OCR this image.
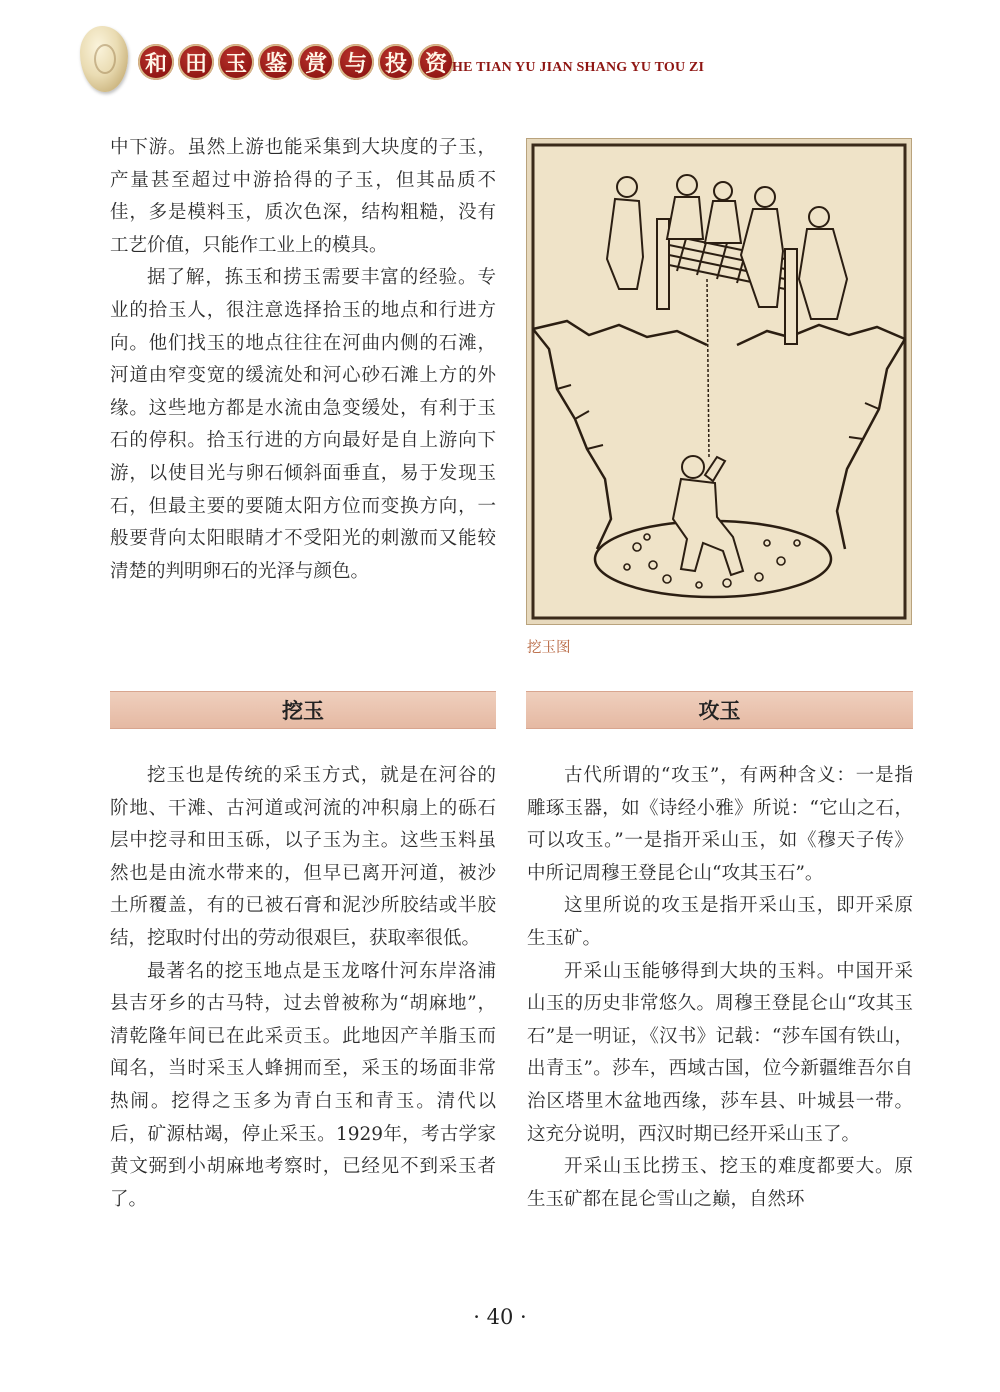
和 田 玉 鉴 赏 与 投 资 HE TIAN YU JIAN SHANG YU TOU ZI

中下游。虽然上游也能采集到大块度的子玉，产量甚至超过中游拾得的子玉，但其品质不佳，多是模料玉，质次色深，结构粗糙，没有工艺价值，只能作工业上的模具。

据了解，拣玉和捞玉需要丰富的经验。专业的拾玉人，很注意选择拾玉的地点和行进方向。他们找玉的地点往往在河曲内侧的石滩，河道由窄变宽的缓流处和河心砂石滩上方的外缘。这些地方都是水流由急变缓处，有利于玉石的停积。拾玉行进的方向最好是自上游向下游，以使目光与卵石倾斜面垂直，易于发现玉石，但最主要的要随太阳方位而变换方向，一般要背向太阳眼睛才不受阳光的刺激而又能较清楚的判明卵石的光泽与颜色。

挖玉图
挖玉	攻玉

挖玉也是传统的采玉方式，就是在河谷的阶地、干滩、古河道或河流的冲积扇上的砾石层中挖寻和田玉砾，以子玉为主。这些玉料虽然也是由流水带来的，但早已离开河道，被沙土所覆盖，有的已被石膏和泥沙所胶结或半胶结，挖取时付出的劳动很艰巨，获取率很低。

最著名的挖玉地点是玉龙喀什河东岸洛浦县吉牙乡的古马特，过去曾被称为“胡麻地”，清乾隆年间已在此采贡玉。此地因产羊脂玉而闻名，当时采玉人蜂拥而至，采玉的场面非常热闹。挖得之玉多为青白玉和青玉。清代以后，矿源枯竭，停止采玉。1929年，考古学家黄文弼到小胡麻地考察时，已经见不到采玉者了。

古代所谓的“攻玉”，有两种含义：一是指雕琢玉器，如《诗经小雅》所说：“它山之石，可以攻玉。”一是指开采山玉，如《穆天子传》中所记周穆王登昆仑山“攻其玉石”。

这里所说的攻玉是指开采山玉，即开采原生玉矿。

开采山玉能够得到大块的玉料。中国开采山玉的历史非常悠久。周穆王登昆仑山“攻其玉石”是一明证，《汉书》记载：“莎车国有铁山，出青玉”。莎车，西域古国，位今新疆维吾尔自治区塔里木盆地西缘，莎车县、叶城县一带。这充分说明，西汉时期已经开采山玉了。

开采山玉比捞玉、挖玉的难度都要大。原生玉矿都在昆仑雪山之巅，自然环

· 40 ·
